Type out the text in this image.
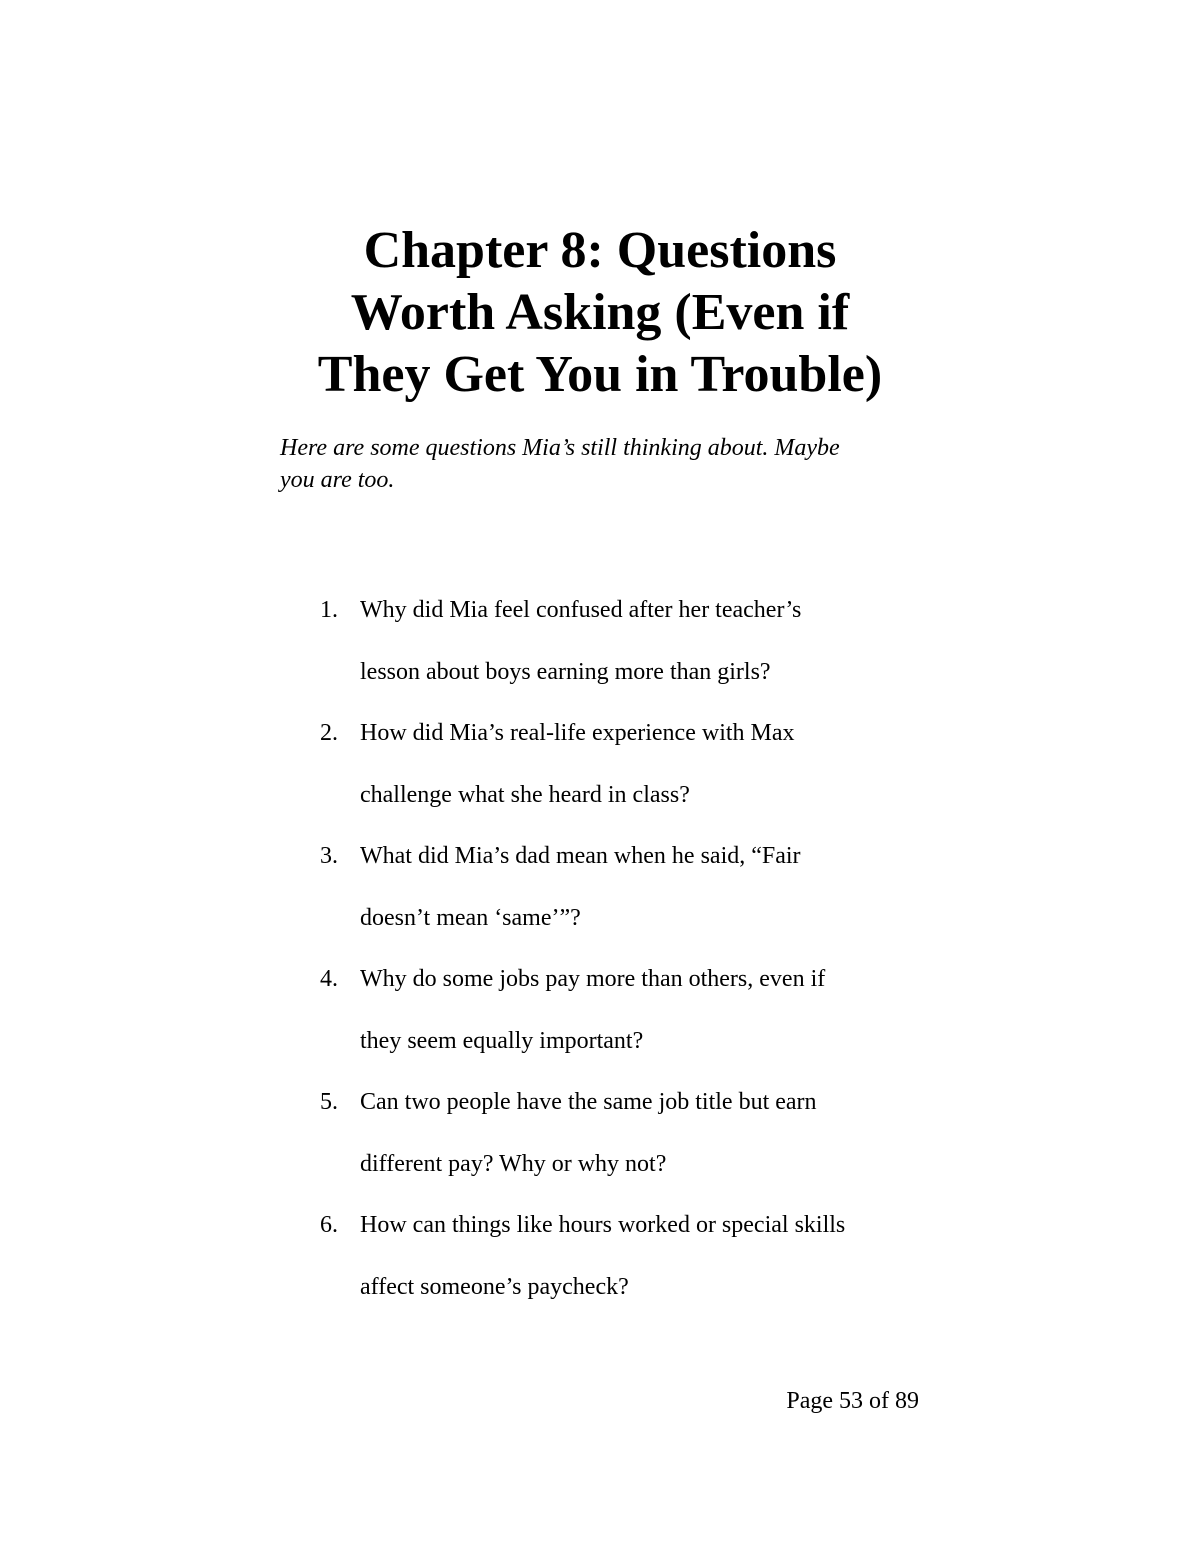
Chapter 8: Questions
Worth Asking (Even if
They Get You in Trouble)

Here are some questions Mia’s still thinking about. Maybe
you are too.

1. Why did Mia feel confused after her teacher’s
lesson about boys earning more than girls?
2. How did Mia’s real-life experience with Max
challenge what she heard in class?
3. What did Mia’s dad mean when he said, “Fair
doesn’t mean ‘same’”?
4. Why do some jobs pay more than others, even if
they seem equally important?
5. Can two people have the same job title but earn
different pay? Why or why not?
6. How can things like hours worked or special skills
affect someone’s paycheck?

Page 53 of 89
